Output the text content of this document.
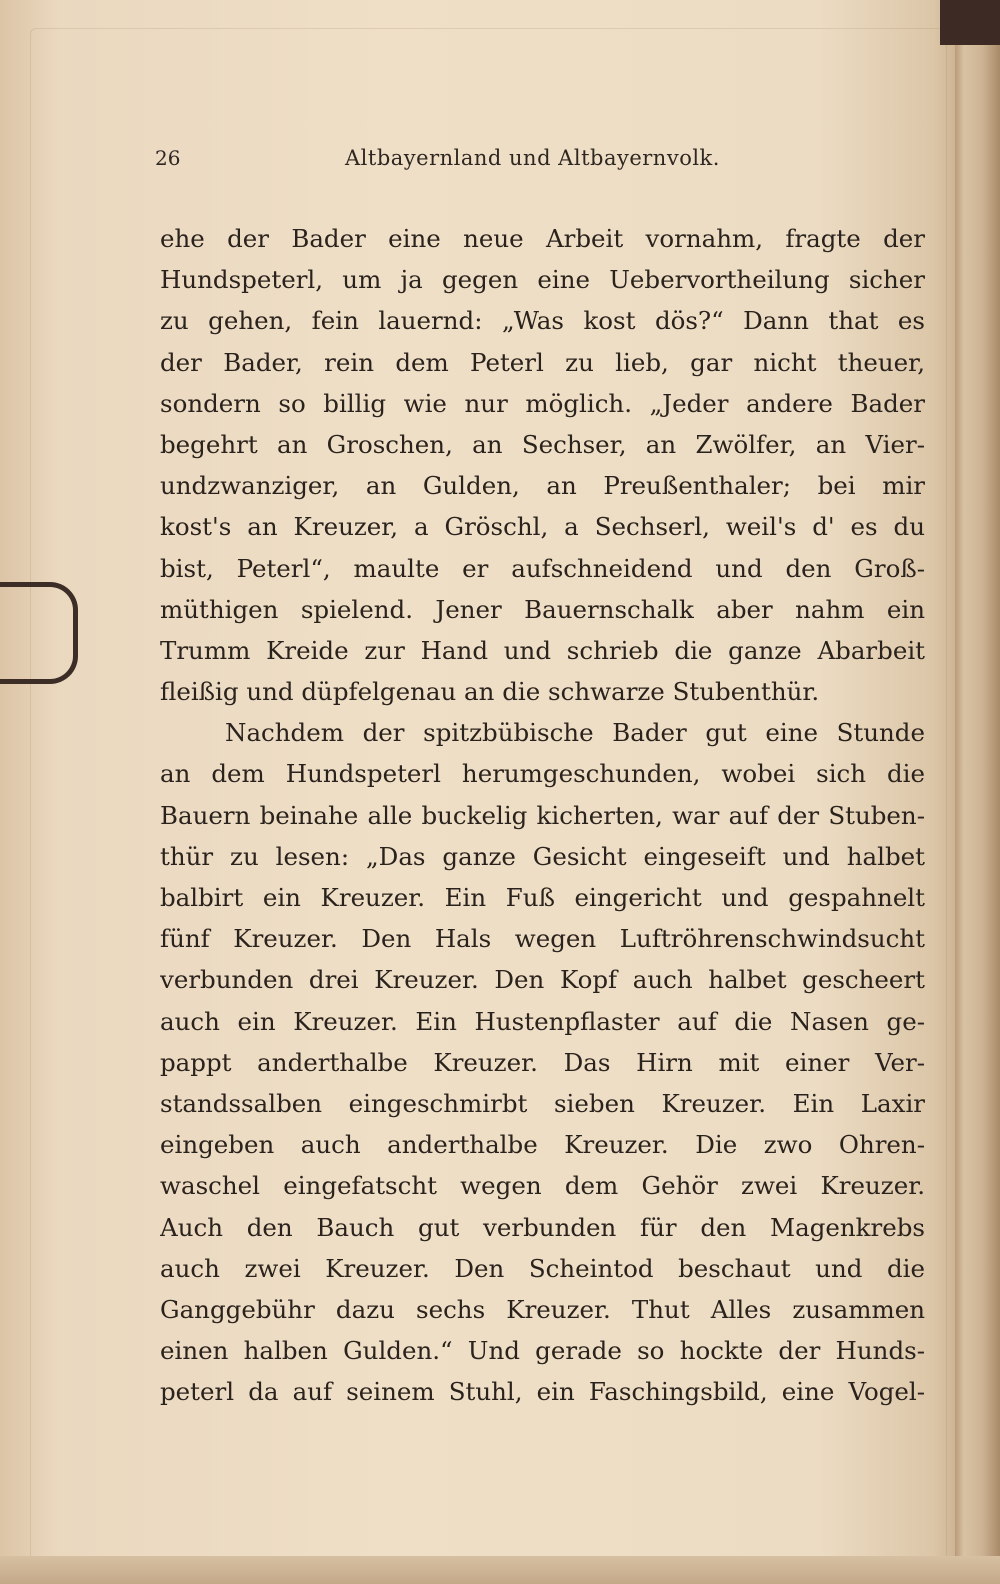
26	Altbayernland und Altbayernvolk.
ehe der Bader eine neue Arbeit vornahm, fragte der
Hundspeterl, um ja gegen eine Uebervortheilung sicher
zu gehen, fein lauernd: „Was kost dös?“ Dann that es
der Bader, rein dem Peterl zu lieb, gar nicht theuer,
sondern so billig wie nur möglich. „Jeder andere Bader
begehrt an Groschen, an Sechser, an Zwölfer, an Vier-
undzwanziger, an Gulden, an Preußenthaler; bei mir
kost's an Kreuzer, a Gröschl, a Sechserl, weil's d' es du
bist, Peterl“, maulte er aufschneidend und den Groß-
müthigen spielend. Jener Bauernschalk aber nahm ein
Trumm Kreide zur Hand und schrieb die ganze Abarbeit
fleißig und düpfelgenau an die schwarze Stubenthür.
Nachdem der spitzbübische Bader gut eine Stunde
an dem Hundspeterl herumgeschunden, wobei sich die
Bauern beinahe alle buckelig kicherten, war auf der Stuben-
thür zu lesen: „Das ganze Gesicht eingeseift und halbet
balbirt ein Kreuzer. Ein Fuß eingericht und gespahnelt
fünf Kreuzer. Den Hals wegen Luftröhrenschwindsucht
verbunden drei Kreuzer. Den Kopf auch halbet gescheert
auch ein Kreuzer. Ein Hustenpflaster auf die Nasen ge-
pappt anderthalbe Kreuzer. Das Hirn mit einer Ver-
standssalben eingeschmirbt sieben Kreuzer. Ein Laxir
eingeben auch anderthalbe Kreuzer. Die zwo Ohren-
waschel eingefatscht wegen dem Gehör zwei Kreuzer.
Auch den Bauch gut verbunden für den Magenkrebs
auch zwei Kreuzer. Den Scheintod beschaut und die
Ganggebühr dazu sechs Kreuzer. Thut Alles zusammen
einen halben Gulden.“ Und gerade so hockte der Hunds-
peterl da auf seinem Stuhl, ein Faschingsbild, eine Vogel-
